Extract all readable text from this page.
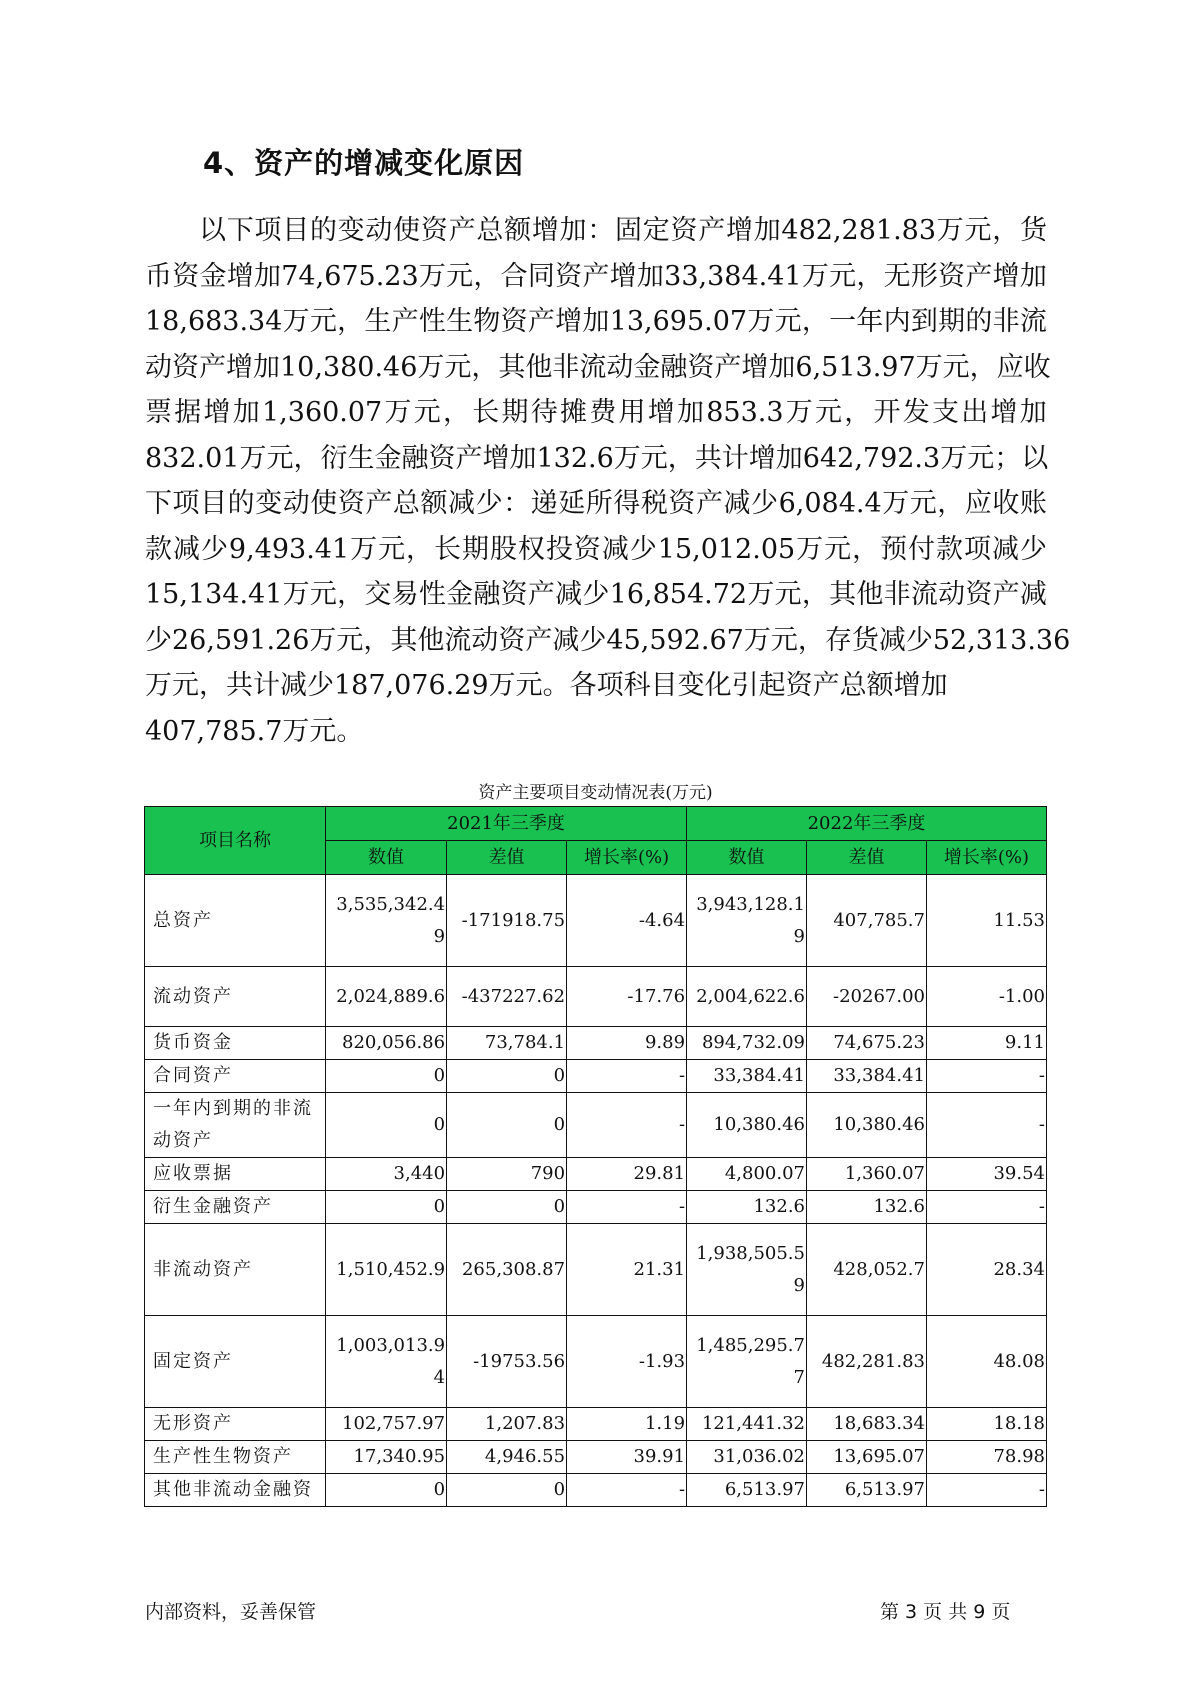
4、资产的增减变化原因
以 下 项 目 的 变 动 使 资 产 总 额 增 加 ： 固 定 资 产 增 加 482,281.83 万 元 ， 货
币 资 金 增 加 74,675.23 万 元 ， 合 同 资 产 增 加 33,384.41 万 元 ， 无 形 资 产 增 加
18,683.34 万 元 ， 生 产 性 生 物 资 产 增 加 13,695.07 万 元 ， 一 年 内 到 期 的 非 流
动 资 产 增 加 10,380.46 万 元 ， 其 他 非 流 动 金 融 资 产 增 加 6,513.97 万 元 ， 应 收
票 据 增 加 1,360.07 万 元 ， 长 期 待 摊 费 用 增 加 853.3 万 元 ， 开 发 支 出 增 加
832.01 万 元 ， 衍 生 金 融 资 产 增 加 132.6 万 元 ， 共 计 增 加 642,792.3 万 元 ； 以
下 项 目 的 变 动 使 资 产 总 额 减 少 ： 递 延 所 得 税 资 产 减 少 6,084.4 万 元 ， 应 收 账
款 减 少 9,493.41 万 元 ， 长 期 股 权 投 资 减 少 15,012.05 万 元 ， 预 付 款 项 减 少
15,134.41 万 元 ， 交 易 性 金 融 资 产 减 少 16,854.72 万 元 ， 其 他 非 流 动 资 产 减
少 26,591.26 万 元 ， 其 他 流 动 资 产 减 少 45,592.67 万 元 ， 存 货 减 少 52,313.36
万元，共计减少187,076.29万元。各项科目变化引起资产总额增加
407,785.7万元。
资产主要项目变动情况表(万元)
项目名称	2021年三季度			2022年三季度		
	数值	差值	增长率(%)	数值	差值	增长率(%)
总资产	3,535,342.49	-171918.75	-4.64	3,943,128.19	407,785.7	11.53
流动资产	2,024,889.6	-437227.62	-17.76	2,004,622.6	-20267.00	-1.00
货币资金	820,056.86	73,784.1	9.89	894,732.09	74,675.23	9.11
合同资产	0	0	-	33,384.41	33,384.41	-
一年内到期的非流动资产	0	0	-	10,380.46	10,380.46	-
应收票据	3,440	790	29.81	4,800.07	1,360.07	39.54
衍生金融资产	0	0	-	132.6	132.6	-
非流动资产	1,510,452.9	265,308.87	21.31	1,938,505.59	428,052.7	28.34
固定资产	1,003,013.94	-19753.56	-1.93	1,485,295.77	482,281.83	48.08
无形资产	102,757.97	1,207.83	1.19	121,441.32	18,683.34	18.18
生产性生物资产	17,340.95	4,946.55	39.91	31,036.02	13,695.07	78.98
其他非流动金融资	0	0	-	6,513.97	6,513.97	-
内部资料，妥善保管	第 3 页 共 9 页
